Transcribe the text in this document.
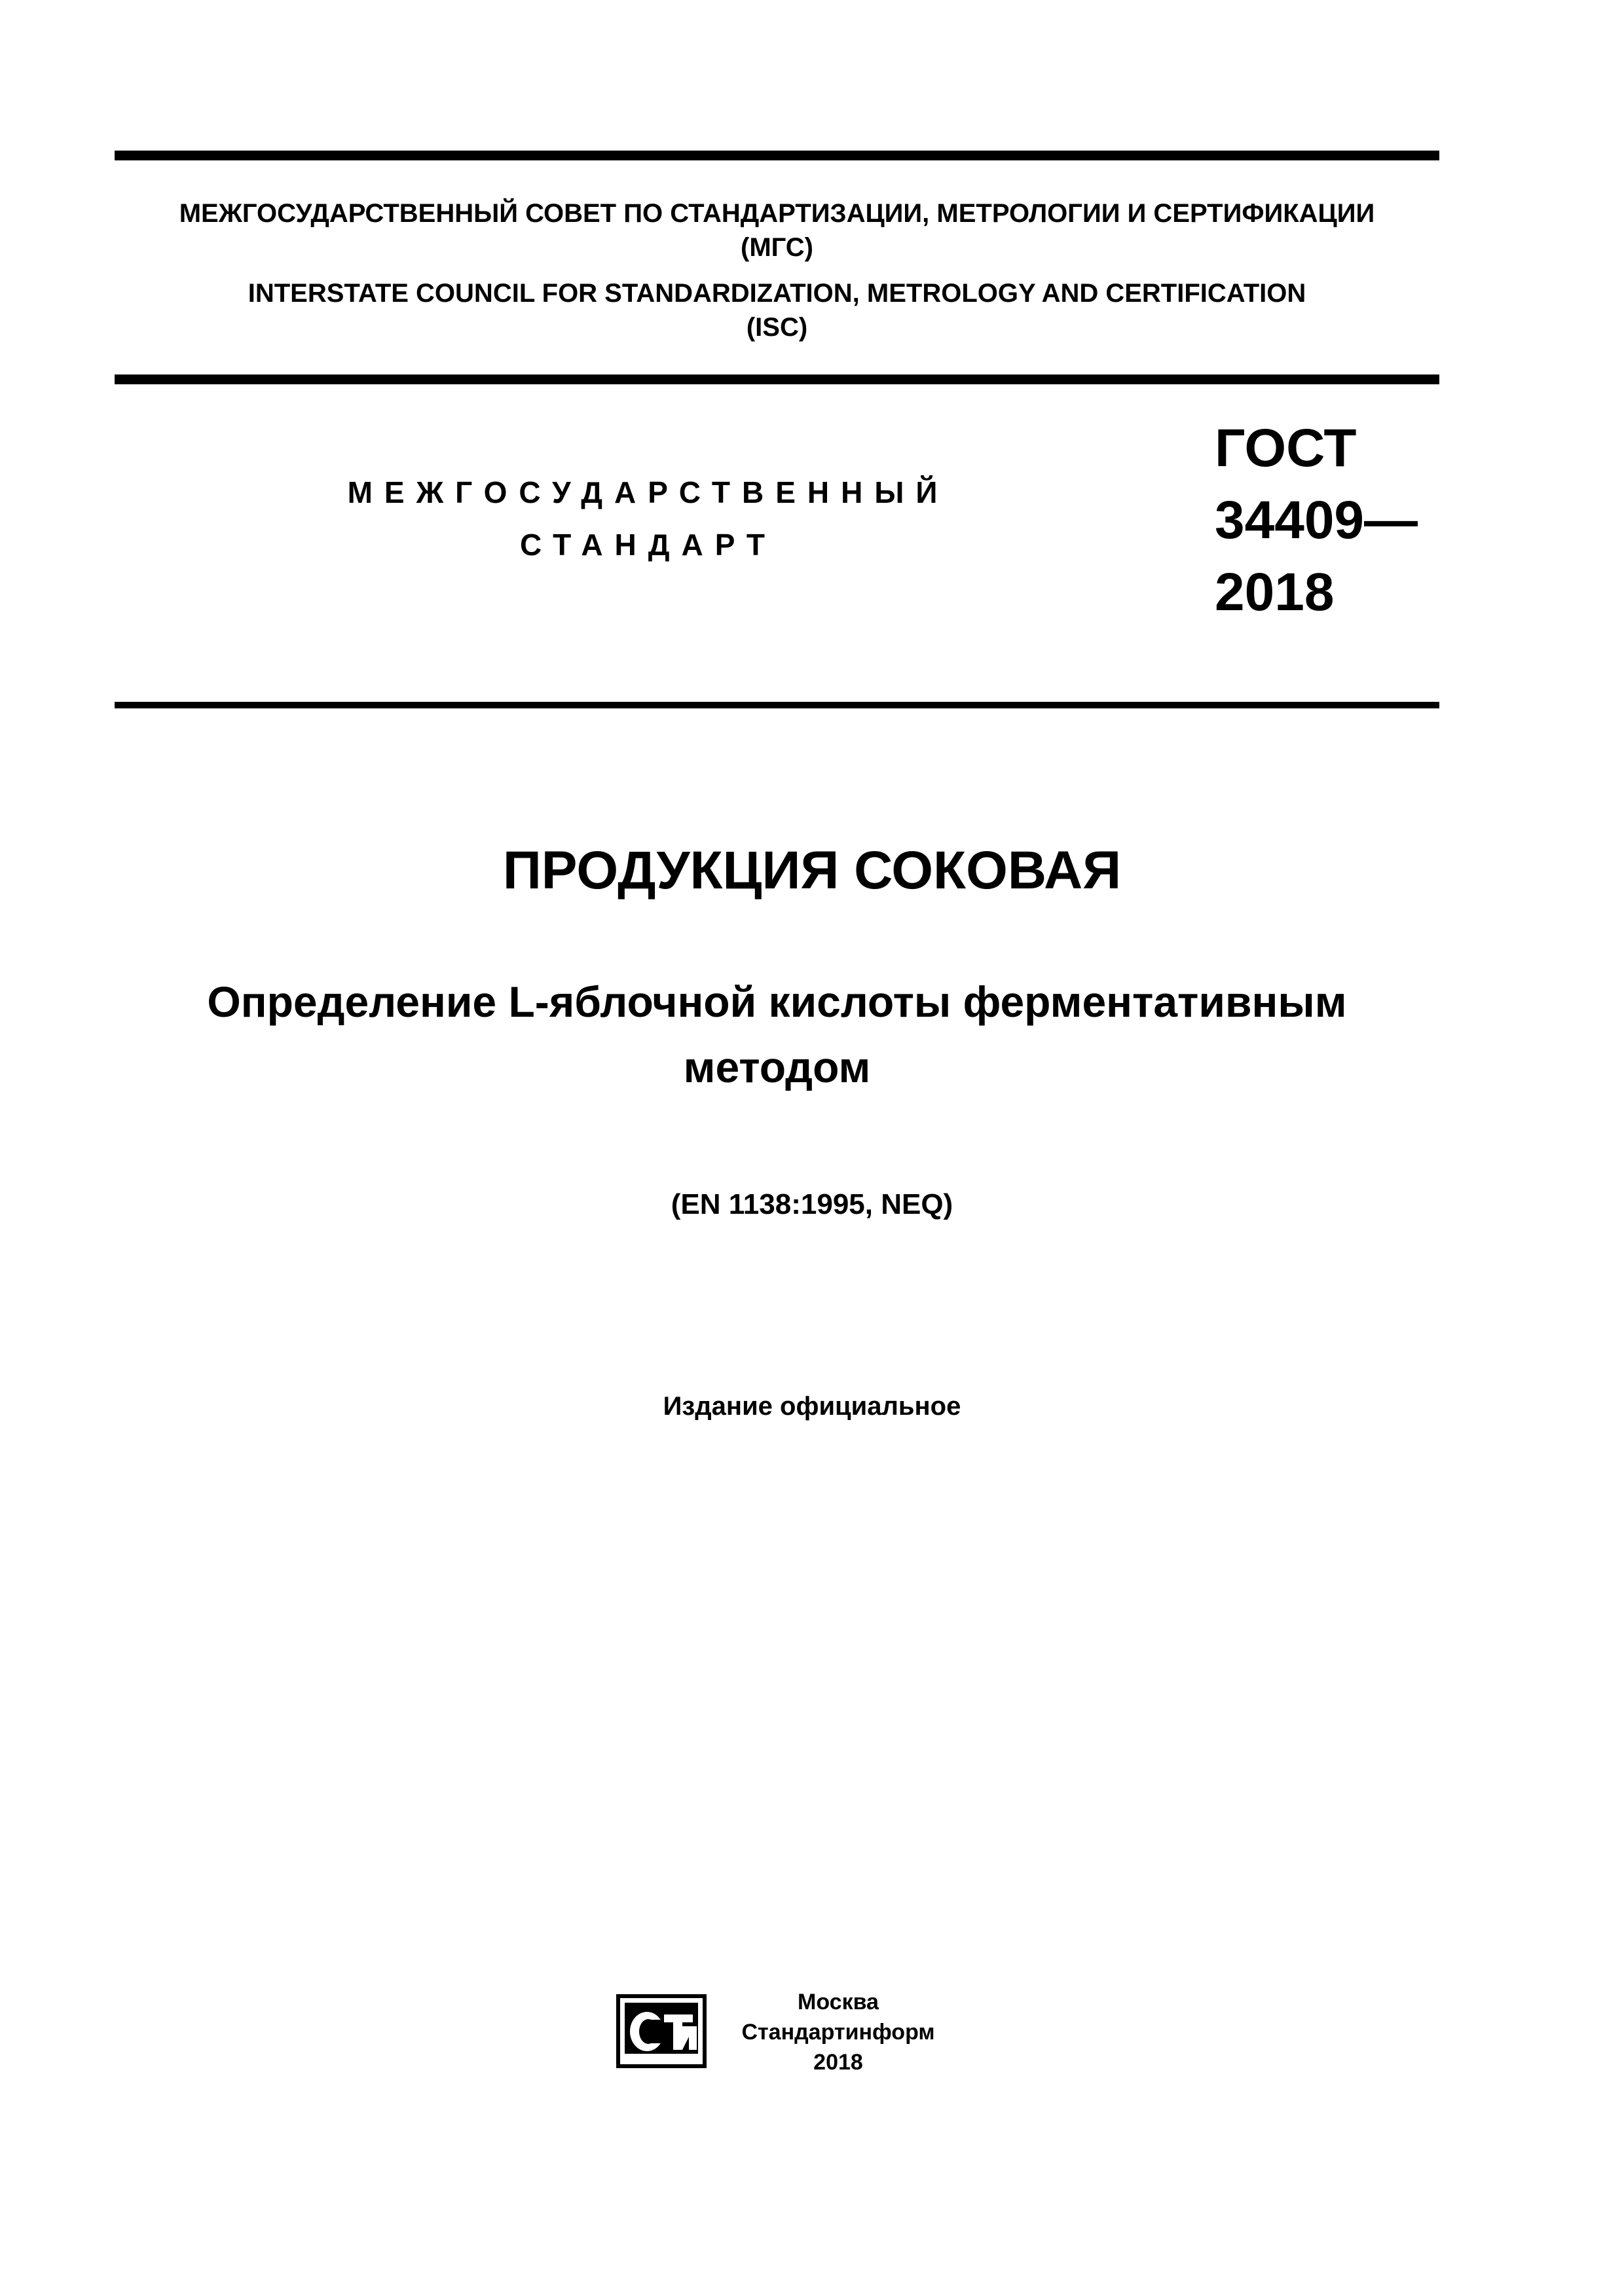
МЕЖГОСУДАРСТВЕННЫЙ СОВЕТ ПО СТАНДАРТИЗАЦИИ, МЕТРОЛОГИИ И СЕРТИФИКАЦИИ
(МГС)
INTERSTATE COUNCIL FOR STANDARDIZATION, METROLOGY AND CERTIFICATION
(ISC)
МЕЖГОСУДАРСТВЕННЫЙ
СТАНДАРТ
ГОСТ
34409—
2018
ПРОДУКЦИЯ СОКОВАЯ
Определение L-яблочной кислоты ферментативным
методом
(EN 1138:1995, NEQ)
Издание официальное
Москва
Стандартинформ
2018
